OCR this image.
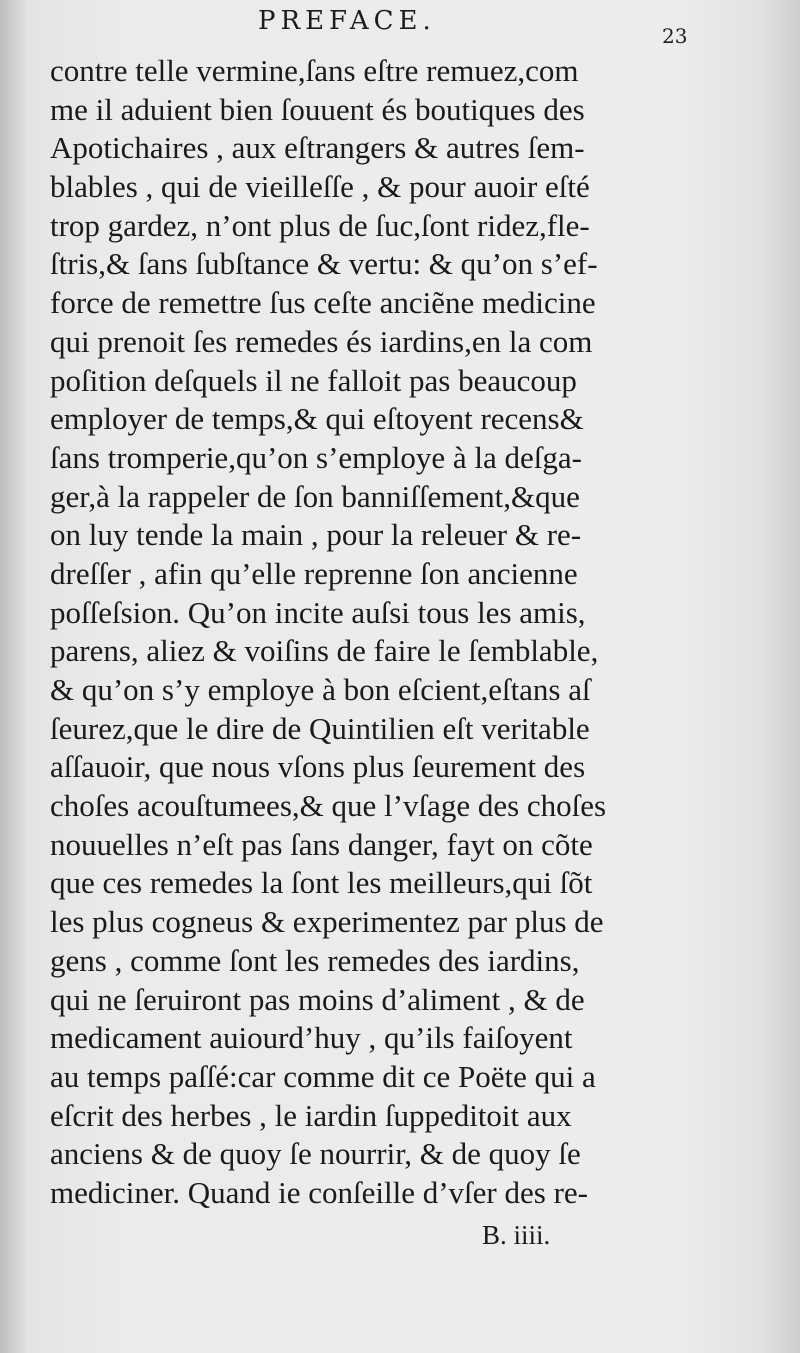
PREFACE.	23
contre telle vermine,ſans eſtre remuez,com
me il aduient bien ſouuent és boutiques des
Apotichaires , aux eſtrangers & autres ſem-
blables , qui de vieilleſſe , & pour auoir eſté
trop gardez, n’ont plus de ſuc,ſont ridez,fle-
ſtris,& ſans ſubſtance & vertu: & qu’on s’ef-
force de remettre ſus ceſte anciẽne medicine
qui prenoit ſes remedes és iardins,en la com
poſition deſquels il ne falloit pas beaucoup
employer de temps,& qui eſtoyent recens&
ſans tromperie,qu’on s’employe à la deſga-
ger,à la rappeler de ſon banniſſement,&que
on luy tende la main , pour la releuer & re-
dreſſer , afin qu’elle reprenne ſon ancienne
poſſeſsion. Qu’on incite auſsi tous les amis,
parens, aliez & voiſins de faire le ſemblable,
& qu’on s’y employe à bon eſcient,eſtans aſ
ſeurez,que le dire de Quintilien eſt veritable
aſſauoir, que nous vſons plus ſeurement des
choſes acouſtumees,& que l’vſage des choſes
nouuelles n’eſt pas ſans danger, fayt on cõte
que ces remedes la ſont les meilleurs,qui ſõt
les plus cogneus & experimentez par plus de
gens , comme ſont les remedes des iardins,
qui ne ſeruiront pas moins d’aliment , & de
medicament auiourd’huy , qu’ils faiſoyent
au temps paſſé:car comme dit ce Poëte qui a
eſcrit des herbes , le iardin ſuppeditoit aux
anciens & de quoy ſe nourrir, & de quoy ſe
mediciner. Quand ie conſeille d’vſer des re-
B. iiii.
